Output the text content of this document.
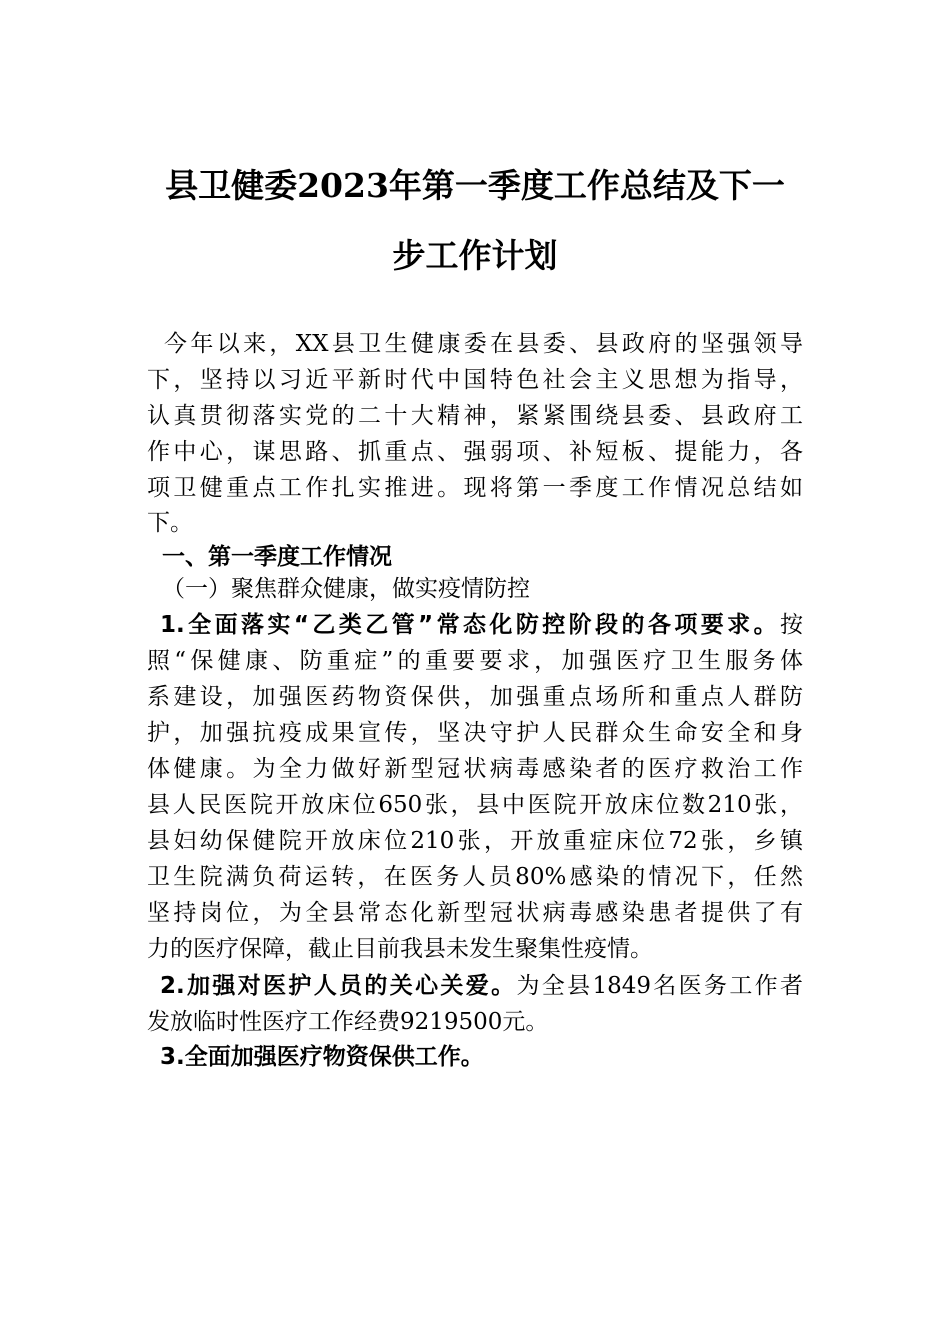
县卫健委2023年第一季度工作总结及下一
步工作计划
今年以来，XX县卫生健康委在县委、县政府的坚强领导
下，坚持以习近平新时代中国特色社会主义思想为指导，
认真贯彻落实党的二十大精神，紧紧围绕县委、县政府工
作中心，谋思路、抓重点、强弱项、补短板、提能力，各
项卫健重点工作扎实推进。现将第一季度工作情况总结如
下。
一、第一季度工作情况
（一）聚焦群众健康，做实疫情防控
1.全面落实“乙类乙管”常态化防控阶段的各项要求。按
照“保健康、防重症”的重要要求，加强医疗卫生服务体
系建设，加强医药物资保供，加强重点场所和重点人群防
护，加强抗疫成果宣传，坚决守护人民群众生命安全和身
体健康。为全力做好新型冠状病毒感染者的医疗救治工作
县人民医院开放床位650张，县中医院开放床位数210张，
县妇幼保健院开放床位210张，开放重症床位72张，乡镇
卫生院满负荷运转，在医务人员80%感染的情况下，任然
坚持岗位，为全县常态化新型冠状病毒感染患者提供了有
力的医疗保障，截止目前我县未发生聚集性疫情。
2.加强对医护人员的关心关爱。为全县1849名医务工作者
发放临时性医疗工作经费9219500元。
3.全面加强医疗物资保供工作。
